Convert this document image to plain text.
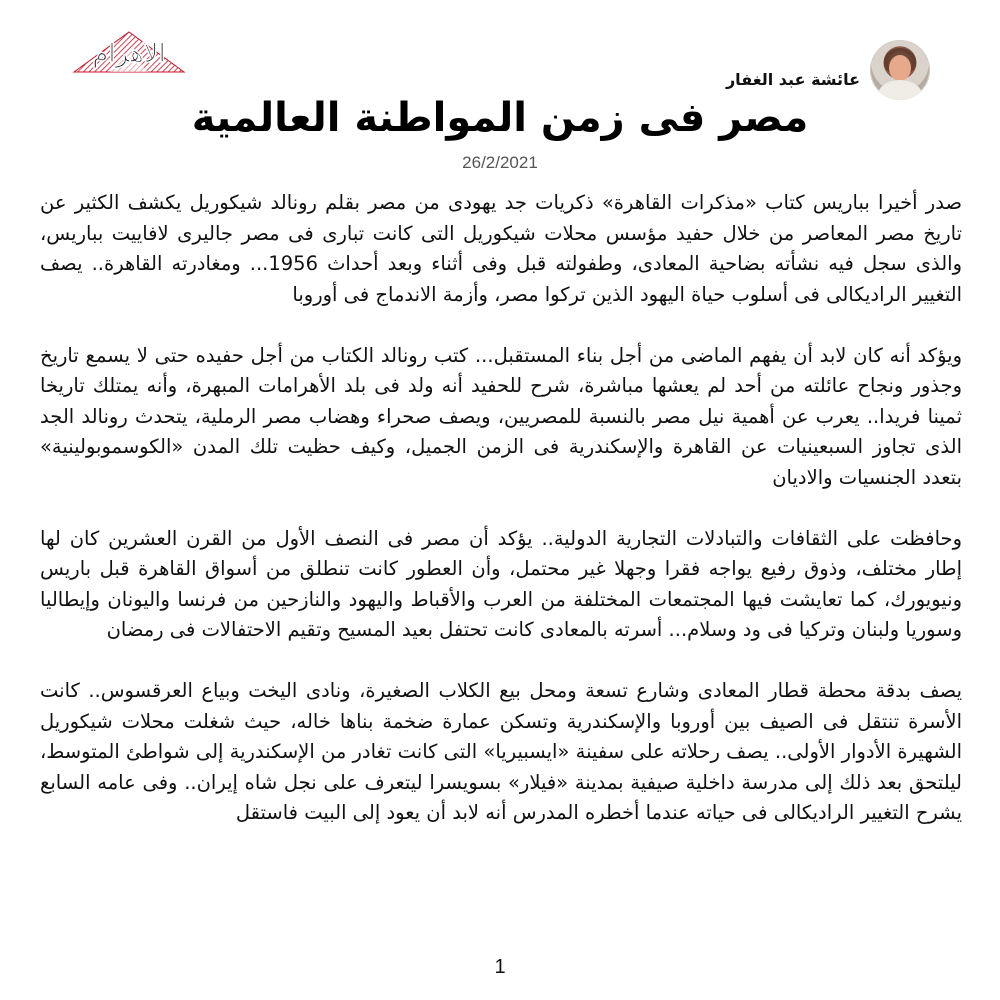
الأهرام
عائشة عبد الغفار
مصر فى زمن المواطنة العالمية
26/2/2021

صدر أخيرا بباريس كتاب «مذكرات القاهرة» ذكريات جد يهودى من مصر بقلم رونالد شيكوريل يكشف الكثير عن تاريخ مصر المعاصر من خلال حفيد مؤسس محلات شيكوريل التى كانت تبارى فى مصر جاليرى لافاييت بباريس، والذى سجل فيه نشأته بضاحية المعادى، وطفولته قبل وفى أثناء وبعد أحداث 1956... ومغادرته القاهرة.. يصف التغيير الراديكالى فى أسلوب حياة اليهود الذين تركوا مصر، وأزمة الاندماج فى أوروبا

ويؤكد أنه كان لابد أن يفهم الماضى من أجل بناء المستقبل... كتب رونالد الكتاب من أجل حفيده حتى لا يسمع تاريخ وجذور ونجاح عائلته من أحد لم يعشها مباشرة، شرح للحفيد أنه ولد فى بلد الأهرامات المبهرة، وأنه يمتلك تاريخا ثمينا فريدا.. يعرب عن أهمية نيل مصر بالنسبة للمصريين، ويصف صحراء وهضاب مصر الرملية، يتحدث رونالد الجد الذى تجاوز السبعينيات عن القاهرة والإسكندرية فى الزمن الجميل، وكيف حظيت تلك المدن «الكوسموبولينية» بتعدد الجنسيات والاديان

وحافظت على الثقافات والتبادلات التجارية الدولية.. يؤكد أن مصر فى النصف الأول من القرن العشرين كان لها إطار مختلف، وذوق رفيع يواجه فقرا وجهلا غير محتمل، وأن العطور كانت تنطلق من أسواق القاهرة قبل باريس ونيويورك، كما تعايشت فيها المجتمعات المختلفة من العرب والأقباط واليهود والنازحين من فرنسا واليونان وإيطاليا وسوريا ولبنان وتركيا فى ود وسلام... أسرته بالمعادى كانت تحتفل بعيد المسيح وتقيم الاحتفالات فى رمضان

يصف بدقة محطة قطار المعادى وشارع تسعة ومحل بيع الكلاب الصغيرة، ونادى اليخت وبياع العرقسوس.. كانت الأسرة تنتقل فى الصيف بين أوروبا والإسكندرية وتسكن عمارة ضخمة بناها خاله، حيث شغلت محلات شيكوريل الشهيرة الأدوار الأولى.. يصف رحلاته على سفينة «ايسبيريا» التى كانت تغادر من الإسكندرية إلى شواطئ المتوسط، ليلتحق بعد ذلك إلى مدرسة داخلية صيفية بمدينة «فيلار» بسويسرا ليتعرف على نجل شاه إيران.. وفى عامه السابع يشرح التغيير الراديكالى فى حياته عندما أخطره المدرس أنه لابد أن يعود إلى البيت فاستقل

1
